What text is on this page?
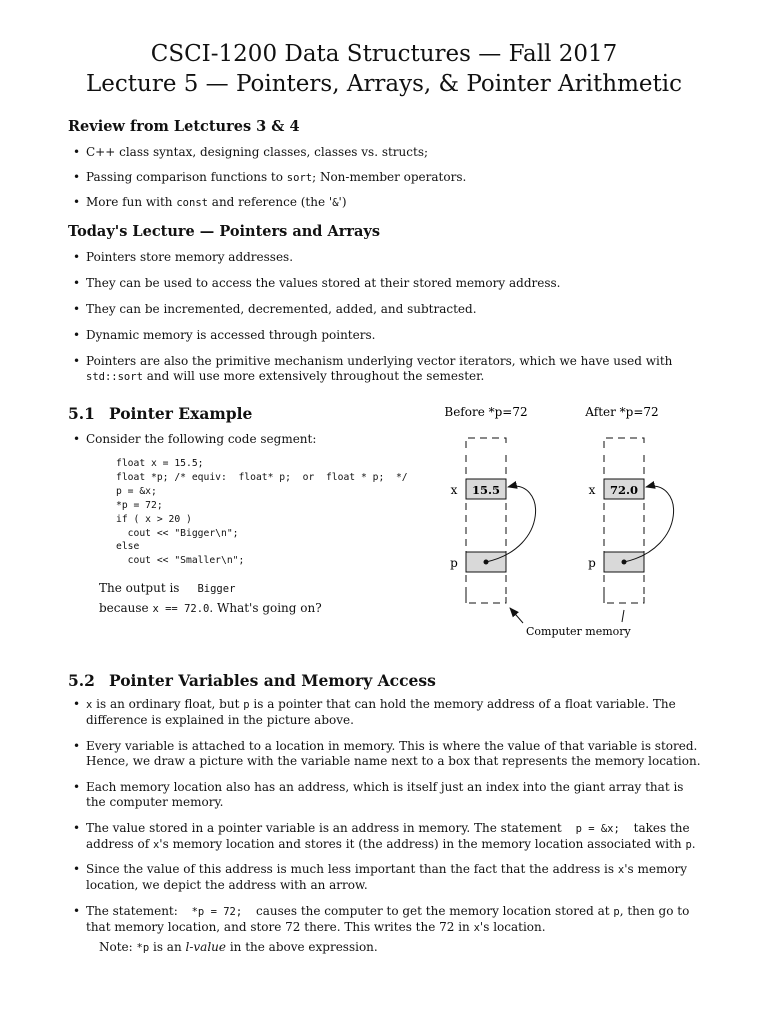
CSCI-1200 Data Structures — Fall 2017
Lecture 5 — Pointers, Arrays, & Pointer Arithmetic
Review from Letctures 3 & 4
• C++ class syntax, designing classes, classes vs. structs;
• Passing comparison functions to sort; Non-member operators.
• More fun with const and reference (the '&')
Today's Lecture — Pointers and Arrays
• Pointers store memory addresses.
• They can be used to access the values stored at their stored memory address.
• They can be incremented, decremented, added, and subtracted.
• Dynamic memory is accessed through pointers.
• Pointers are also the primitive mechanism underlying vector iterators, which we have used with std::sort and will use more extensively throughout the semester.
5.1 Pointer Example
• Consider the following code segment:
float x = 15.5;
float *p; /* equiv:  float* p;  or  float * p;  */
p = &x;
*p = 72;
if ( x > 20 )
cout << "Bigger\n";
else
cout << "Smaller\n";
The output is Bigger
because x == 72.0. What's going on?
Before *p=72	After *p=72
15.5
x
p
72.0
x
p
Computer memory
5.2 Pointer Variables and Memory Access
• x is an ordinary float, but p is a pointer that can hold the memory address of a float variable. The difference is explained in the picture above.
• Every variable is attached to a location in memory. This is where the value of that variable is stored. Hence, we draw a picture with the variable name next to a box that represents the memory location.
• Each memory location also has an address, which is itself just an index into the giant array that is the computer memory.
• The value stored in a pointer variable is an address in memory. The statement p = &x; takes the address of x's memory location and stores it (the address) in the memory location associated with p.
• Since the value of this address is much less important than the fact that the address is x's memory location, we depict the address with an arrow.
• The statement: *p = 72; causes the computer to get the memory location stored at p, then go to that memory location, and store 72 there. This writes the 72 in x's location.
Note: *p is an l-value in the above expression.
